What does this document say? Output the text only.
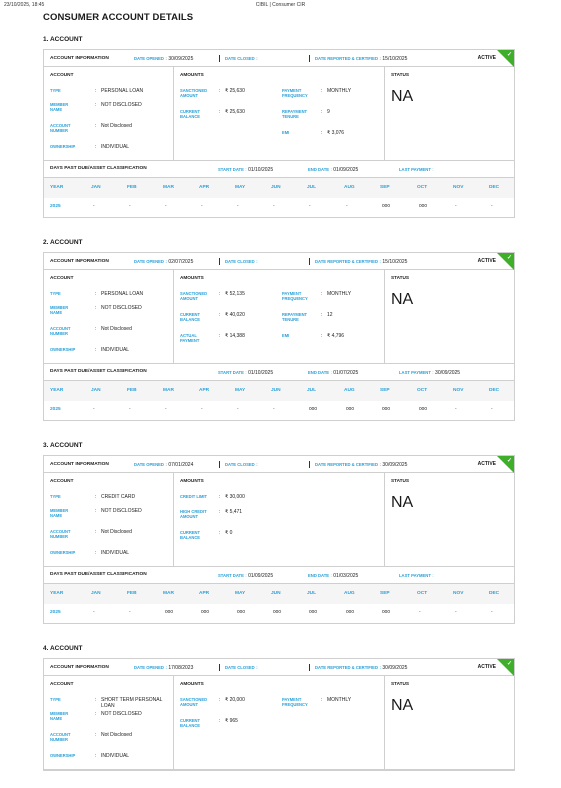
23/10/2025, 18:45	CIBIL | Consumer CIR
CONSUMER ACCOUNT DETAILS
1. ACCOUNT
ACCOUNT INFORMATION	DATE OPENED : 30/09/2025	DATE CLOSED :	DATE REPORTED & CERTIFIED : 15/10/2025	ACTIVE ✓
ACCOUNT
TYPE	: PERSONAL LOAN
MEMBER NAME
: NOT DISCLOSED
ACCOUNT NUMBER
: Not Disclosed
OWNERSHIP	: INDIVIDUAL
AMOUNTS
SANCTIONED AMOUNT
: ₹ 25,630
CURRENT BALANCE
: ₹ 25,630
PAYMENT FREQUENCY
: MONTHLY
REPAYMENT TENURE
: 9
EMI	: ₹ 3,076
STATUS
NA
DAYS PAST DUE/ASSET CLASSIFICATION	START DATE : 01/10/2025	END DATE : 01/09/2025	LAST PAYMENT :
YEAR	JAN	FEB	MAR	APR	MAY	JUN	JUL	AUG	SEP	OCT	NOV	DEC
2025	-	-	-	-	-	-	-	-	000	000	-	-
2. ACCOUNT
ACCOUNT INFORMATION	DATE OPENED : 02/07/2025	DATE CLOSED :	DATE REPORTED & CERTIFIED : 15/10/2025	ACTIVE ✓
ACCOUNT
TYPE	: PERSONAL LOAN
MEMBER NAME
: NOT DISCLOSED
ACCOUNT NUMBER
: Not Disclosed
OWNERSHIP	: INDIVIDUAL
AMOUNTS
SANCTIONED AMOUNT
: ₹ 52,135
CURRENT BALANCE
: ₹ 40,020
ACTUAL PAYMENT
: ₹ 14,388
PAYMENT FREQUENCY
: MONTHLY
REPAYMENT TENURE
: 12
EMI	: ₹ 4,796
STATUS
NA
DAYS PAST DUE/ASSET CLASSIFICATION	START DATE : 01/10/2025	END DATE : 01/07/2025	LAST PAYMENT : 30/09/2025
YEAR	JAN	FEB	MAR	APR	MAY	JUN	JUL	AUG	SEP	OCT	NOV	DEC
2025	-	-	-	-	-	-	000	000	000	000	-	-
3. ACCOUNT
ACCOUNT INFORMATION	DATE OPENED : 07/01/2024	DATE CLOSED :	DATE REPORTED & CERTIFIED : 30/09/2025	ACTIVE ✓
ACCOUNT
TYPE	: CREDIT CARD
MEMBER NAME
: NOT DISCLOSED
ACCOUNT NUMBER
: Not Disclosed
OWNERSHIP	: INDIVIDUAL
AMOUNTS
CREDIT LIMIT	: ₹ 30,000
HIGH CREDIT AMOUNT
: ₹ 5,471
CURRENT BALANCE
: ₹ 0
STATUS
NA
DAYS PAST DUE/ASSET CLASSIFICATION	START DATE : 01/09/2025	END DATE : 01/03/2025	LAST PAYMENT :
YEAR	JAN	FEB	MAR	APR	MAY	JUN	JUL	AUG	SEP	OCT	NOV	DEC
2025	-	-	000	000	000	000	000	000	000	-	-	-
4. ACCOUNT
ACCOUNT INFORMATION	DATE OPENED : 17/08/2023	DATE CLOSED :	DATE REPORTED & CERTIFIED : 30/09/2025	ACTIVE ✓
ACCOUNT
TYPE	: SHORT TERM PERSONAL
LOAN
MEMBER NAME
: NOT DISCLOSED
ACCOUNT NUMBER
: Not Disclosed
OWNERSHIP	: INDIVIDUAL
AMOUNTS
SANCTIONED AMOUNT
: ₹ 20,000
CURRENT BALANCE
: ₹ 965
PAYMENT FREQUENCY
: MONTHLY
STATUS
NA
